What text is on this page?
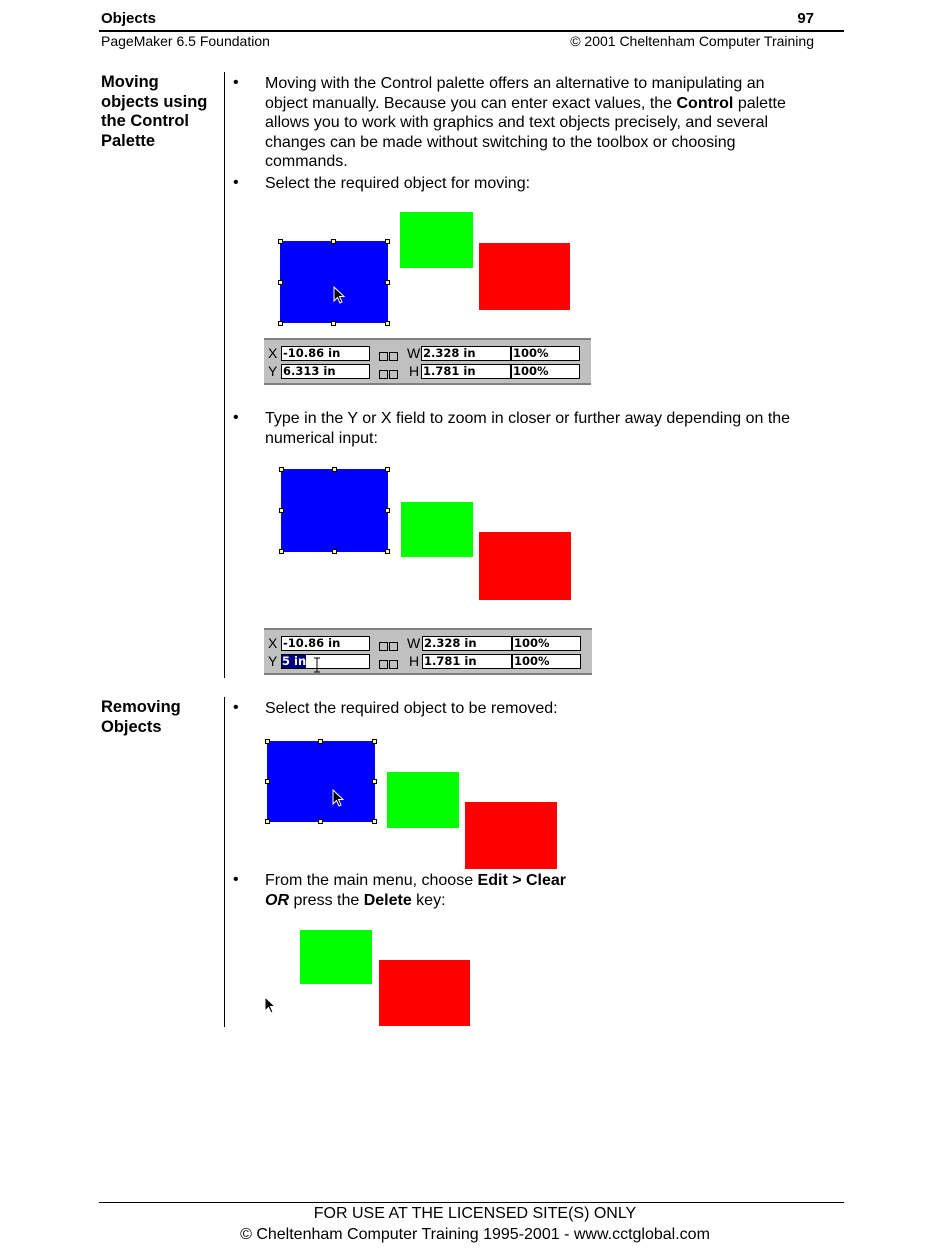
Objects	97
PageMaker 6.5 Foundation	© 2001 Cheltenham Computer Training
Moving objects using the Control Palette
• Moving with the Control palette offers an alternative to manipulating an object manually. Because you can enter exact values, the Control palette allows you to work with graphics and text objects precisely, and several changes can be made without switching to the toolbox or choosing commands.
• Select the required object for moving:
X
Y
-10.86 in
6.313 in
W
H
2.328 in
1.781 in
100%
100%
• Type in the Y or X field to zoom in closer or further away depending on the numerical input:
X
Y
-10.86 in
5 in
W
H
2.328 in
1.781 in
100%
100%
Removing Objects
• Select the required object to be removed:
• From the main menu, choose Edit > Clear
OR press the Delete key:
FOR USE AT THE LICENSED SITE(S) ONLY
© Cheltenham Computer Training 1995-2001 - www.cctglobal.com
